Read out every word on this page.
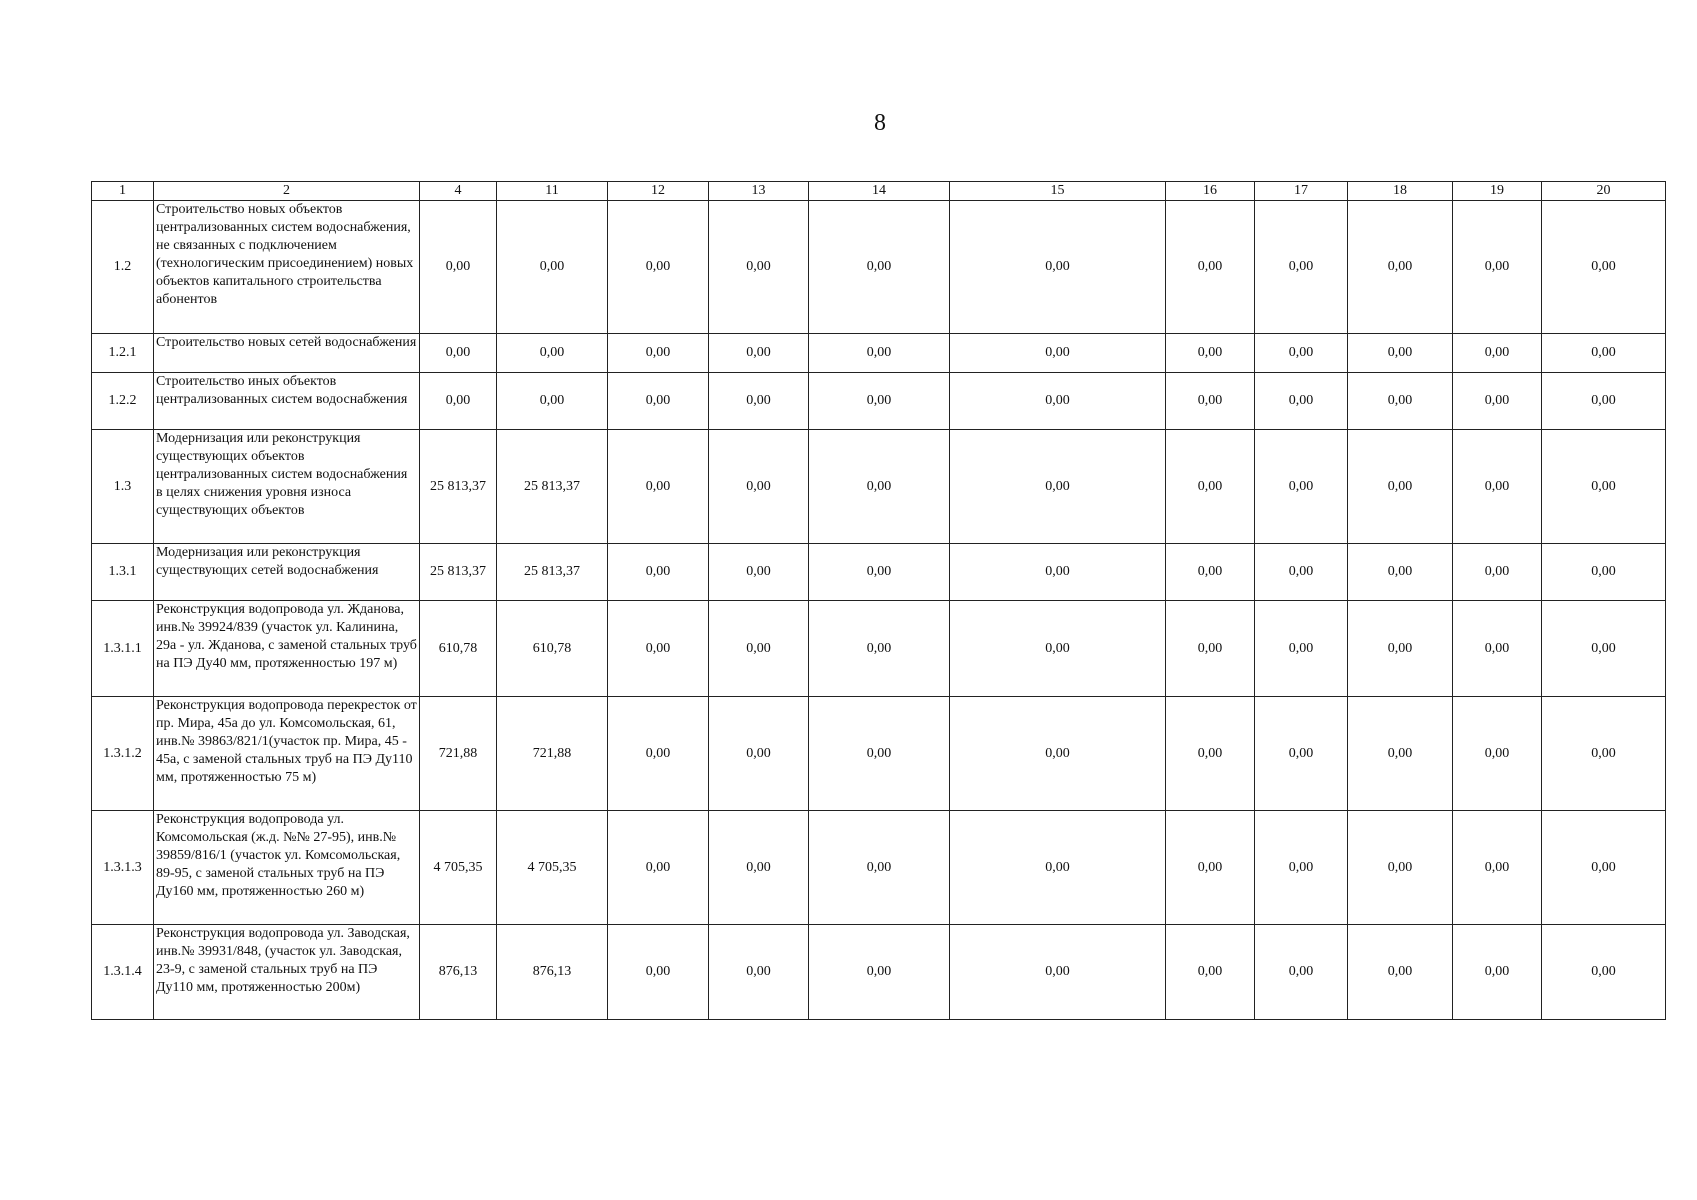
8
1	2	4	11	12	13	14	15	16	17	18	19	20
1.2	Строительство новых объектов централизованных систем водоснабжения, не связанных с подключением (технологическим присоединением) новых объектов капитального строительства абонентов	0,00	0,00	0,00	0,00	0,00	0,00	0,00	0,00	0,00	0,00	0,00
1.2.1	Строительство новых сетей водоснабжения	0,00	0,00	0,00	0,00	0,00	0,00	0,00	0,00	0,00	0,00	0,00
1.2.2	Строительство иных объектов централизованных систем водоснабжения	0,00	0,00	0,00	0,00	0,00	0,00	0,00	0,00	0,00	0,00	0,00
1.3	Модернизация или реконструкция существующих объектов централизованных систем водоснабжения в целях снижения уровня износа существующих объектов	25 813,37	25 813,37	0,00	0,00	0,00	0,00	0,00	0,00	0,00	0,00	0,00
1.3.1	Модернизация или реконструкция существующих сетей водоснабжения	25 813,37	25 813,37	0,00	0,00	0,00	0,00	0,00	0,00	0,00	0,00	0,00
1.3.1.1	Реконструкция водопровода ул. Жданова, инв.№ 39924/839 (участок ул. Калинина, 29а - ул. Жданова, с заменой стальных труб на ПЭ Ду40 мм, протяженностью 197 м)	610,78	610,78	0,00	0,00	0,00	0,00	0,00	0,00	0,00	0,00	0,00
1.3.1.2	Реконструкция водопровода перекресток от пр. Мира, 45а до ул. Комсомольская, 61, инв.№ 39863/821/1(участок пр. Мира, 45 - 45а, с заменой стальных труб на ПЭ Ду110 мм, протяженностью 75 м)	721,88	721,88	0,00	0,00	0,00	0,00	0,00	0,00	0,00	0,00	0,00
1.3.1.3	Реконструкция водопровода ул. Комсомольская (ж.д. №№ 27-95), инв.№ 39859/816/1 (участок ул. Комсомольская, 89-95, с заменой стальных труб на ПЭ Ду160 мм, протяженностью 260 м)	4 705,35	4 705,35	0,00	0,00	0,00	0,00	0,00	0,00	0,00	0,00	0,00
1.3.1.4	Реконструкция водопровода ул. Заводская, инв.№ 39931/848, (участок ул. Заводская, 23-9, с заменой стальных труб на ПЭ Ду110 мм, протяженностью 200м)	876,13	876,13	0,00	0,00	0,00	0,00	0,00	0,00	0,00	0,00	0,00
